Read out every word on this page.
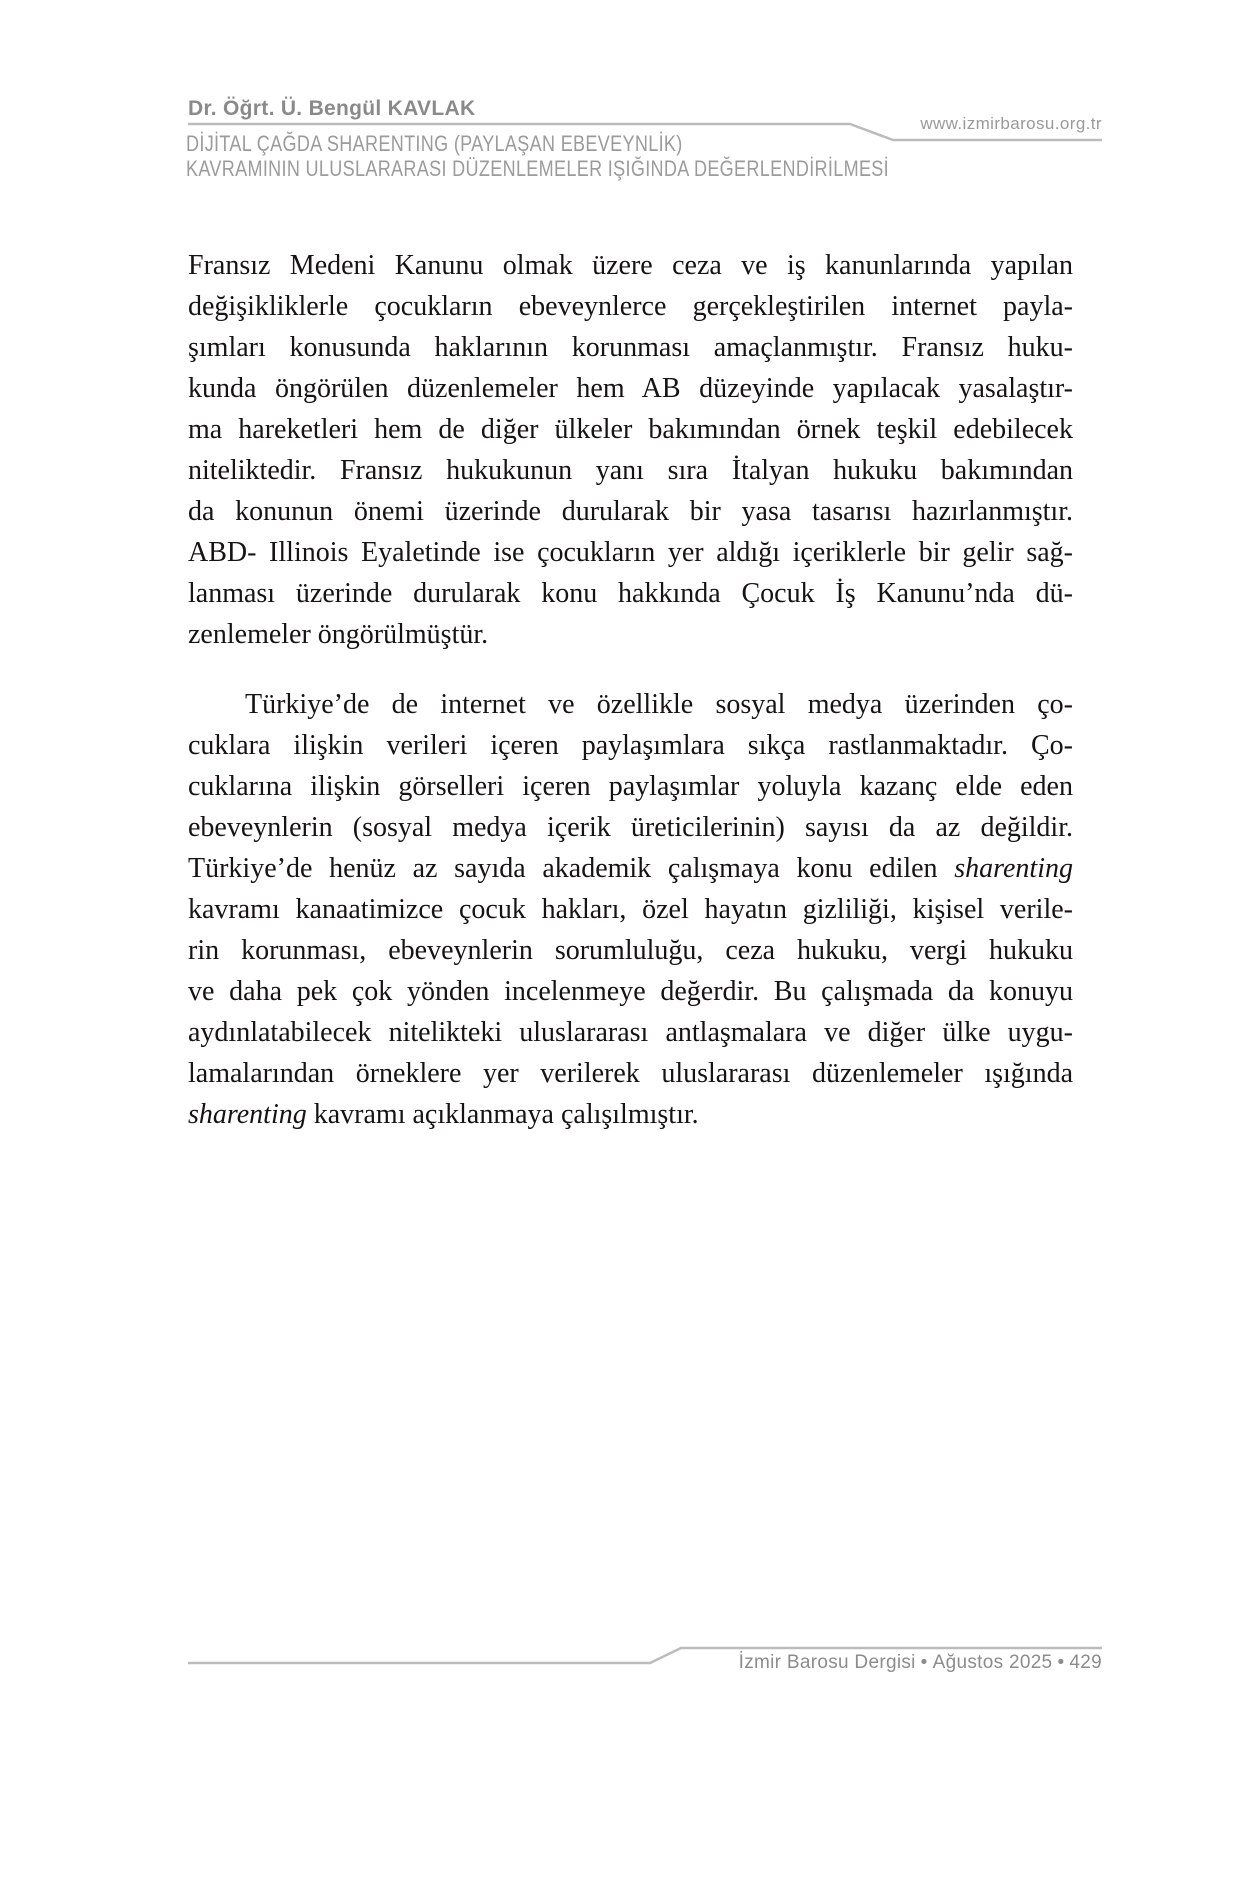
Dr. Öğrt. Ü. Bengül KAVLAK
www.izmirbarosu.org.tr
DİJİTAL ÇAĞDA SHARENTING (PAYLAŞAN EBEVEYNLİK)
KAVRAMININ ULUSLARARASI DÜZENLEMELER IŞIĞINDA DEĞERLENDİRİLMESİ

Fransız Medeni Kanunu olmak üzere ceza ve iş kanunlarında yapılan
değişikliklerle çocukların ebeveynlerce gerçekleştirilen internet payla-
şımları konusunda haklarının korunması amaçlanmıştır. Fransız huku-
kunda öngörülen düzenlemeler hem AB düzeyinde yapılacak yasalaştır-
ma hareketleri hem de diğer ülkeler bakımından örnek teşkil edebilecek
niteliktedir. Fransız hukukunun yanı sıra İtalyan hukuku bakımından
da konunun önemi üzerinde durularak bir yasa tasarısı hazırlanmıştır.
ABD- Illinois Eyaletinde ise çocukların yer aldığı içeriklerle bir gelir sağ-
lanması üzerinde durularak konu hakkında Çocuk İş Kanunu’nda dü-
zenlemeler öngörülmüştür.

Türkiye’de de internet ve özellikle sosyal medya üzerinden ço-
cuklara ilişkin verileri içeren paylaşımlara sıkça rastlanmaktadır. Ço-
cuklarına ilişkin görselleri içeren paylaşımlar yoluyla kazanç elde eden
ebeveynlerin (sosyal medya içerik üreticilerinin) sayısı da az değildir.
Türkiye’de henüz az sayıda akademik çalışmaya konu edilen sharenting
kavramı kanaatimizce çocuk hakları, özel hayatın gizliliği, kişisel verile-
rin korunması, ebeveynlerin sorumluluğu, ceza hukuku, vergi hukuku
ve daha pek çok yönden incelenmeye değerdir. Bu çalışmada da konuyu
aydınlatabilecek nitelikteki uluslararası antlaşmalara ve diğer ülke uygu-
lamalarından örneklere yer verilerek uluslararası düzenlemeler ışığında
sharenting kavramı açıklanmaya çalışılmıştır.

İzmir Barosu Dergisi • Ağustos 2025 • 429
